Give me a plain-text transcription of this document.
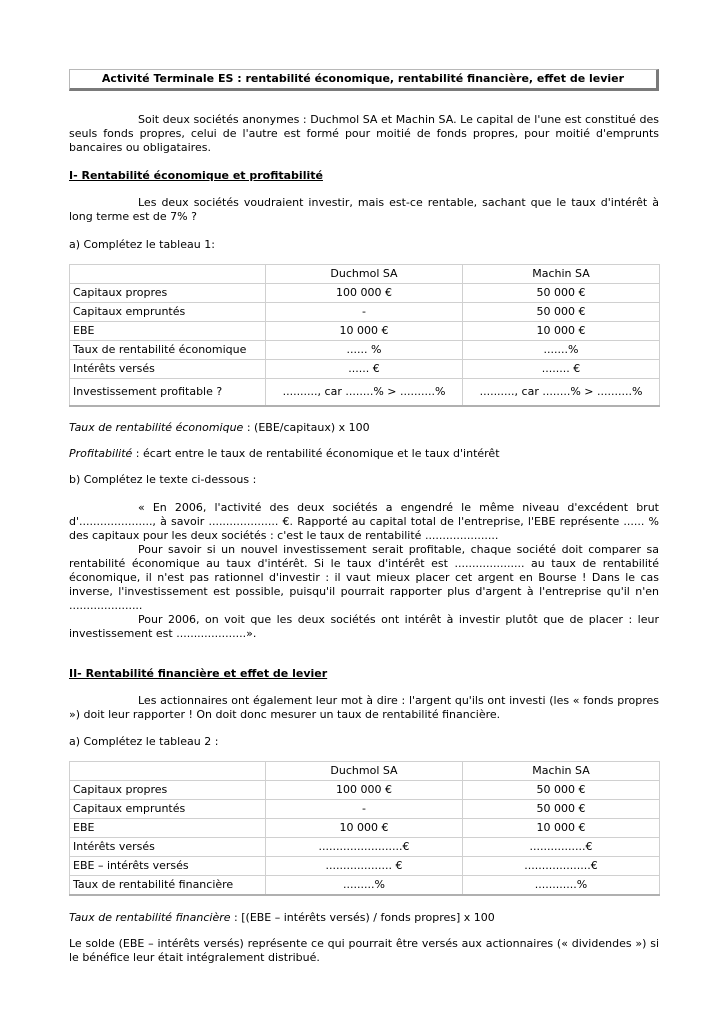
Activité Terminale ES : rentabilité économique, rentabilité financière, effet de levier

Soit deux sociétés anonymes : Duchmol SA et Machin SA. Le capital de l'une est constitué des seuls fonds propres, celui de l'autre est formé pour moitié de fonds propres, pour moitié d'emprunts bancaires ou obligataires.

I- Rentabilité économique et profitabilité

Les deux sociétés voudraient investir, mais est-ce rentable, sachant que le taux d'intérêt à long terme est de 7% ?

a) Complétez le tableau 1:

	Duchmol SA	Machin SA
Capitaux propres	100 000 €	50 000 €
Capitaux empruntés	-	50 000 €
EBE	10 000 €	10 000 €
Taux de rentabilité économique	...... %	.......%
Intérêts versés	...... €	........ €
Investissement profitable ?	.........., car ........% > ..........%	.........., car ........% > ..........%

Taux de rentabilité économique : (EBE/capitaux) x 100

Profitabilité : écart entre le taux de rentabilité économique et le taux d'intérêt

b) Complétez le texte ci-dessous :

« En 2006, l'activité des deux sociétés a engendré le même niveau d'excédent brut d'....................., à savoir .................... €. Rapporté au capital total de l'entreprise, l'EBE représente ...... % des capitaux pour les deux sociétés : c'est le taux de rentabilité .....................

Pour savoir si un nouvel investissement serait profitable, chaque société doit comparer sa rentabilité économique au taux d'intérêt. Si le taux d'intérêt est .................... au taux de rentabilité économique, il n'est pas rationnel d'investir : il vaut mieux placer cet argent en Bourse ! Dans le cas inverse, l'investissement est possible, puisqu'il pourrait rapporter plus d'argent à l'entreprise qu'il n'en .....................

Pour 2006, on voit que les deux sociétés ont intérêt à investir plutôt que de placer : leur investissement est ....................».

II- Rentabilité financière et effet de levier

Les actionnaires ont également leur mot à dire : l'argent qu'ils ont investi (les « fonds propres ») doit leur rapporter ! On doit donc mesurer un taux de rentabilité financière.

a) Complétez le tableau 2 :

	Duchmol SA	Machin SA
Capitaux propres	100 000 €	50 000 €
Capitaux empruntés	-	50 000 €
EBE	10 000 €	10 000 €
Intérêts versés	........................€	................€
EBE – intérêts versés	................... €	...................€
Taux de rentabilité financière	.........%	............%

Taux de rentabilité financière : [(EBE – intérêts versés) / fonds propres] x 100

Le solde (EBE – intérêts versés) représente ce qui pourrait être versés aux actionnaires (« dividendes ») si le bénéfice leur était intégralement distribué.
